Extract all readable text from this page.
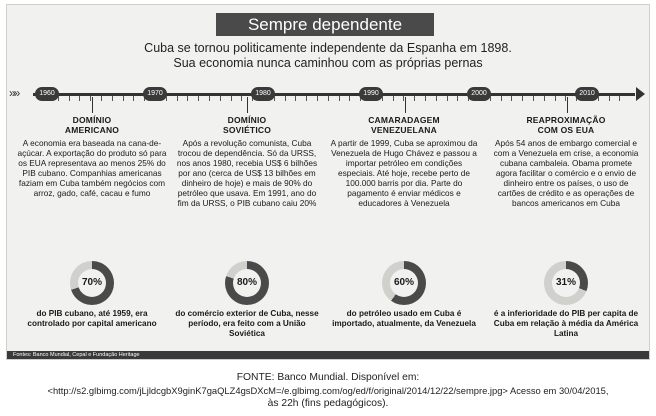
Sempre dependente
Cuba se tornou politicamente independente da Espanha em 1898.
Sua economia nunca caminhou com as próprias pernas
»»	1960	1970	1980	1990	2000	2010
DOMÍNIO
AMERICANO
A economia era baseada na cana-de-açúcar. A exportação do produto só para os EUA representava ao menos 25% do PIB cubano. Companhias americanas faziam em Cuba também negócios com arroz, gado, café, cacau e fumo
DOMÍNIO
SOVIÉTICO
Após a revolução comunista, Cuba trocou de dependência. Só da URSS, nos anos 1980, recebia US$ 6 bilhões por ano (cerca de US$ 13 bilhões em dinheiro de hoje) e mais de 90% do petróleo que usava. Em 1991, ano do fim da URSS, o PIB cubano caiu 20%
CAMARADAGEM
VENEZUELANA
A partir de 1999, Cuba se aproximou da Venezuela de Hugo Chávez e passou a importar petróleo em condições especiais. Até hoje, recebe perto de 100.000 barris por dia. Parte do pagamento é enviar médicos e educadores à Venezuela
REAPROXIMAÇÃO
COM OS EUA
Após 54 anos de embargo comercial e com a Venezuela em crise, a economia cubana cambaleia. Obama promete agora facilitar o comércio e o envio de dinheiro entre os países, o uso de cartões de crédito e as operações de bancos americanos em Cuba
70%	80%	60%	31%
do PIB cubano, até 1959, era controlado por capital americano
do comércio exterior de Cuba, nesse período, era feito com a União Soviética
do petróleo usado em Cuba é importado, atualmente, da Venezuela
é a inferioridade do PIB per capita de Cuba em relação à média da América Latina
Fontes: Banco Mundial, Cepal e Fundação Heritage
FONTE: Banco Mundial. Disponível em:
<http://s2.glbimg.com/jLjldcgbX9ginK7gaQLZ4gsDXcM=/e.glbimg.com/og/ed/f/original/2014/12/22/sempre.jpg> Acesso em 30/04/2015,
às 22h (fins pedagógicos).
